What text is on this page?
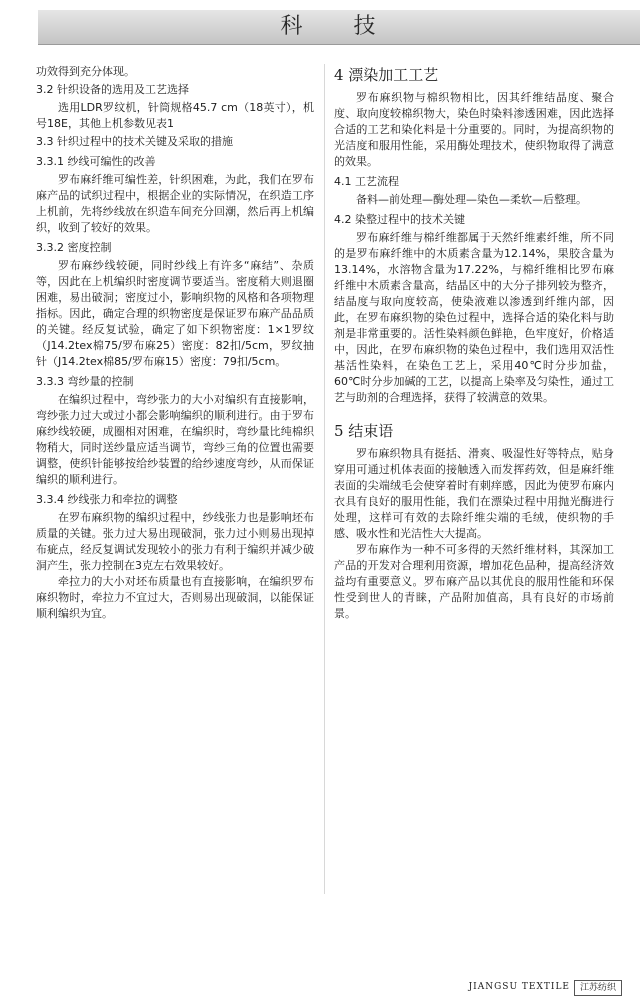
科 技

功效得到充分体现。

3.2 针织设备的选用及工艺选择

选用LDR罗纹机，针筒规格45.7 cm（18英寸），机号18E，其他上机参数见表1

3.3 针织过程中的技术关键及采取的措施
3.3.1 纱线可编性的改善

罗布麻纤维可编性差，针织困难，为此，我们在罗布麻产品的试织过程中，根据企业的实际情况，在织造工序上机前，先将纱线放在织造车间充分回潮，然后再上机编织，收到了较好的效果。

3.3.2 密度控制

罗布麻纱线较硬，同时纱线上有许多“麻结”、杂质等，因此在上机编织时密度调节要适当。密度稍大则退圈困难，易出破洞；密度过小，影响织物的风格和各项物理指标。因此，确定合理的织物密度是保证罗布麻产品品质的关键。经反复试验，确定了如下织物密度：1×1罗纹（J14.2tex棉75/罗布麻25）密度：82扣/5cm，罗纹抽针（J14.2tex棉85/罗布麻15）密度：79扣/5cm。

3.3.3 弯纱量的控制

在编织过程中，弯纱张力的大小对编织有直接影响，弯纱张力过大或过小都会影响编织的顺利进行。由于罗布麻纱线较硬，成圈相对困难，在编织时，弯纱量比纯棉织物稍大，同时送纱量应适当调节，弯纱三角的位置也需要调整，使织针能够按给纱装置的给纱速度弯纱，从而保证编织的顺利进行。

3.3.4 纱线张力和牵拉的调整

在罗布麻织物的编织过程中，纱线张力也是影响坯布质量的关键。张力过大易出现破洞，张力过小则易出现掉布疵点，经反复调试发现较小的张力有利于编织并减少破洞产生，张力控制在3克左右效果较好。

牵拉力的大小对坯布质量也有直接影响，在编织罗布麻织物时，牵拉力不宜过大，否则易出现破洞，以能保证顺利编织为宜。

4 漂染加工工艺

罗布麻织物与棉织物相比，因其纤维结晶度、聚合度、取向度较棉织物大，染色时染料渗透困难，因此选择合适的工艺和染化料是十分重要的。同时，为提高织物的光洁度和服用性能，采用酶处理技术，使织物取得了满意的效果。

4.1 工艺流程

备料—前处理—酶处理—染色—柔软—后整理。

4.2 染整过程中的技术关键

罗布麻纤维与棉纤维都属于天然纤维素纤维，所不同的是罗布麻纤维中的木质素含量为12.14%，果胶含量为13.14%，水溶物含量为17.22%，与棉纤维相比罗布麻纤维中木质素含量高，结晶区中的大分子排列较为整齐，结晶度与取向度较高，使染液难以渗透到纤维内部，因此，在罗布麻织物的染色过程中，选择合适的染化料与助剂是非常重要的。活性染料颜色鲜艳，色牢度好，价格适中，因此，在罗布麻织物的染色过程中，我们选用双活性基活性染料，在染色工艺上，采用40℃时分步加盐，60℃时分步加碱的工艺，以提高上染率及匀染性，通过工艺与助剂的合理选择，获得了较满意的效果。

5 结束语

罗布麻织物具有挺括、滑爽、吸湿性好等特点，贴身穿用可通过机体表面的接触透入而发挥药效，但是麻纤维表面的尖端绒毛会使穿着时有刺痒感，因此为使罗布麻内衣具有良好的服用性能，我们在漂染过程中用抛光酶进行处理，这样可有效的去除纤维尖端的毛绒，使织物的手感、吸水性和光洁性大大提高。

罗布麻作为一种不可多得的天然纤维材料，其深加工产品的开发对合理利用资源，增加花色品种，提高经济效益均有重要意义。罗布麻产品以其优良的服用性能和环保性受到世人的青睐，产品附加值高，具有良好的市场前景。

JIANGSU TEXTILE	江苏纺织
